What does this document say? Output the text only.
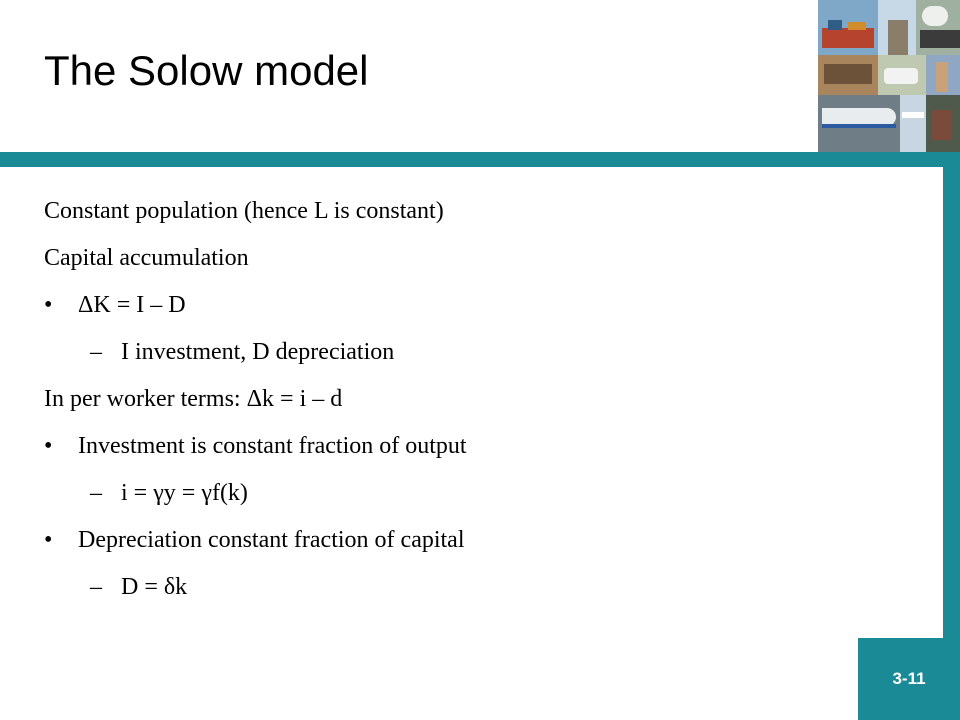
The Solow model
3-11
Constant population (hence L is constant)
Capital accumulation
• ΔK = I – D
– I investment, D depreciation
In per worker terms: Δk = i – d
• Investment is constant fraction of output
– i = γy = γf(k)
• Depreciation constant fraction of capital
– D = δk
